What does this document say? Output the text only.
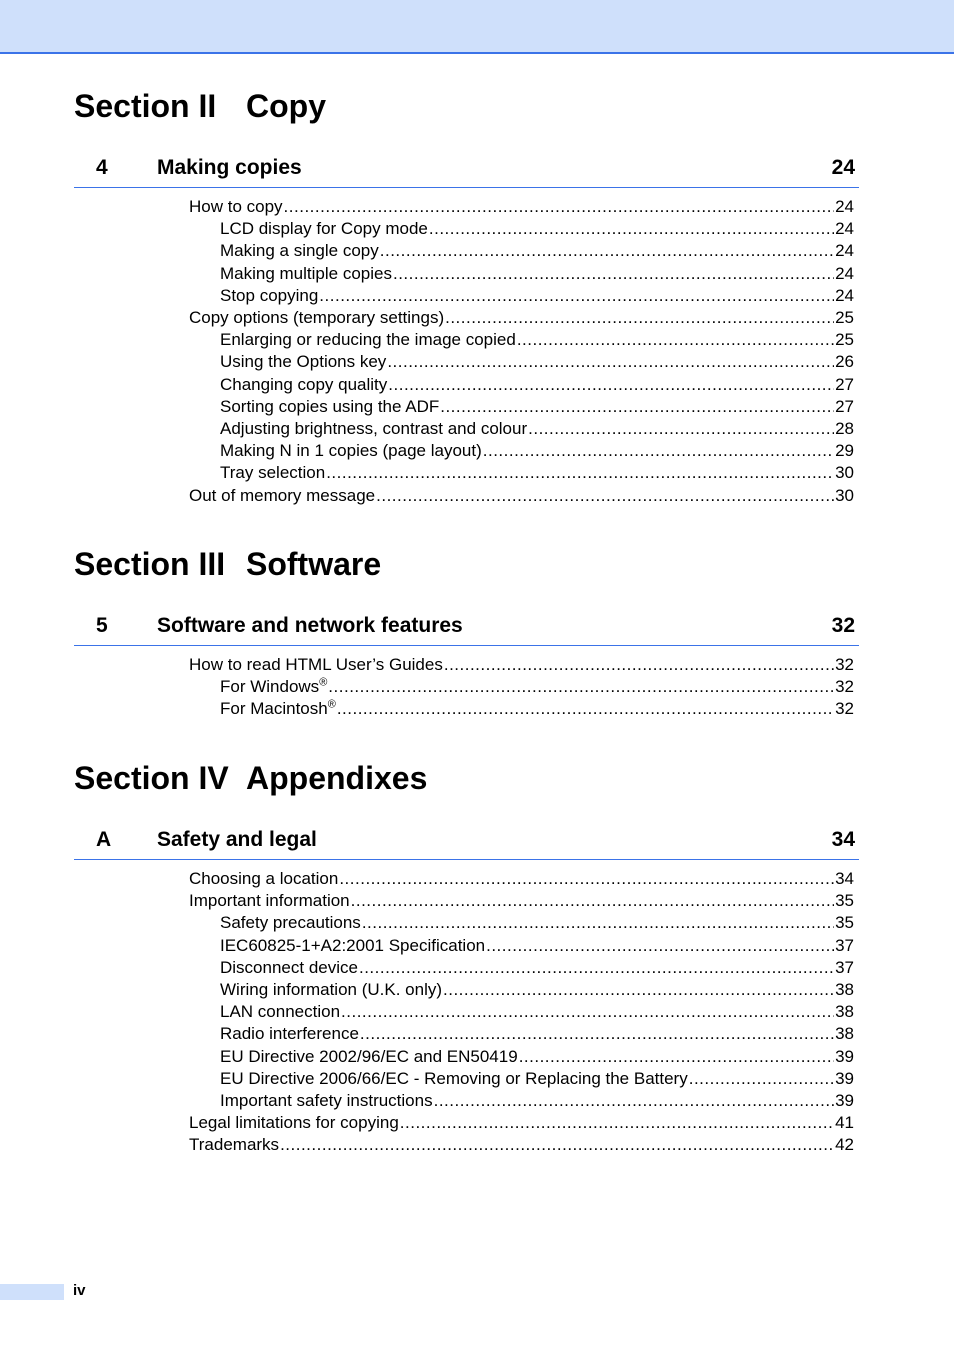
Section II Copy
4 Making copies	24
How to copy .....	24
LCD display for Copy mode .....	24
Making a single copy .....	24
Making multiple copies .....	24
Stop copying .....	24
Copy options (temporary settings) .....	25
Enlarging or reducing the image copied .....	25
Using the Options key .....	26
Changing copy quality .....	27
Sorting copies using the ADF .....	27
Adjusting brightness, contrast and colour .....	28
Making N in 1 copies (page layout) .....	29
Tray selection .....	30
Out of memory message .....	30
Section III Software
5 Software and network features	32
How to read HTML User’s Guides .....	32
For Windows® .....	32
For Macintosh® .....	32
Section IV Appendixes
A Safety and legal	34
Choosing a location .....	34
Important information .....	35
Safety precautions .....	35
IEC60825-1+A2:2001 Specification .....	37
Disconnect device .....	37
Wiring information (U.K. only) .....	38
LAN connection .....	38
Radio interference .....	38
EU Directive 2002/96/EC and EN50419 .....	39
EU Directive 2006/66/EC - Removing or Replacing the Battery .....	39
Important safety instructions .....	39
Legal limitations for copying .....	41
Trademarks .....	42
iv
